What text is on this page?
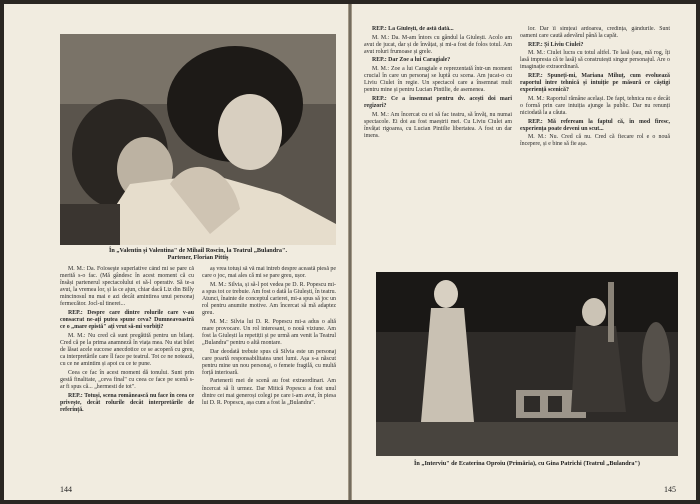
În „Valentin și Valentina" de Mihail Roscin, la Teatrul „Bulandra".
Partener, Florian Pittiș

M. M.: Da. Foloseşte superlative când mi se pare că merită s-o fac. (Mă gândesc în acest moment că cu însăși partenerul spectacolului ei să-l operativ. Să te-a avut, la vremea lor, și la ce ajun, chiar dacă Liz din Billy mincinosul nu mai e azi decât amintirea unui personaj fermecător. Jocl-ul tinerei...

REP.: Despre care dintre rolurile care v-au consacrat ne-ați putea spune ceva? Dumneavoastră ce o „mare epistă" ați vrut să-mi vorbiți?

M. M.: Nu cred că sunt pregătită pentru un bilanț. Cred că pe la prima anamneză în viața mea. Nu stat bilet de lăsat acele succese anecdotice ce se acoperă cu greu, ca interpretările care îl face pe teatrul. Tot ce ne notează, cu ce ne amintim și apoi cu ce te pune.

Ceea ce fac în acest moment dă tonului. Sunt prin gestă finalitate, „ceva final" cu ceea ce face pe scenă s-ar fi spus că... „hermesti de tot".

REP.: Totuși, scena românească nu face în ceea ce priveşte, decât rolurile decât interpretările de referință.

aș vrea totuși să vă mai întreb despre această piesă pe care o joc, mai ales că mi se pare greu, ușor.

M. M.: Silvia, și să-l pot vedea pe D. R. Popescu mi-a spus tot ce trebuie. Am fost o dată la Giulești, în teatru. Atunci, înainte de conceptul carierei, mi-a spus să joc un rol pentru anumite motive. Am încercat să mă adaptez greu.

M. M.: Silvia lui D. R. Popescu mi-a adus o altă mare provocare. Un rol interesant, o nouă viziune. Am fost la Giulești la repetiții și pe urmă am venit la Teatrul „Bulandra" pentru o altă montare.

Dar deodată trebuie spus că Silvia este un personaj care poartă responsabilitatea unei lumi. Așa s-a născut pentru mine un nou personaj, o femeie fragilă, cu multă forță interioară.

Partenerii mei de scenă au fost extraordinari. Am încercat să îi urmez. Dar Mitică Popescu a fost unul dintre cei mai generoși colegi pe care i-am avut, în piesa lui D. R. Popescu, așa cum a fost la „Bulandra".

144

REP.: La Giulești, de astă dată...

M. M.: Da. M-am întors cu gândul la Giulești. Acolo am avut de jucat, dar și de învățat, și mi-a fost de folos totul. Am avut roluri frumoase și grele.

REP.: Dar Zoe a lui Caragiale?

M. M.: Zoe a lui Caragiale e reprezentată într-un moment crucial în care un personaj se luptă cu scena. Am jucat-o cu Liviu Ciulei în regie. Un spectacol care a însemnat mult pentru mine și pentru Lucian Pintilie, de asemenea.

REP.: Ce a însemnat pentru dv. acești doi mari regizori?

M. M.: Am încercat cu ei să fac teatru, să învăț, nu numai spectacole. Ei doi au fost maeștrii mei. Cu Liviu Ciulei am învățat rigoarea, cu Lucian Pintilie libertatea. A fost un dar imens.

lor. Dar îi simțeai ardoarea, credința, gândurile. Sunt oameni care caută adevărul până la capăt.

REP.: Și Liviu Ciulei?

M. M.: Ciulei lucra cu totul altfel. Te lasă (sau, mă rog, îți lasă impresia că te lasă) să construiești singur personajul. Are o imaginație extraordinară.

REP.: Spuneți-mi, Mariana Mihuț, cum evoluează raportul între tehnică și intuiție pe măsură ce câștigi experiență scenică?

M. M.: Raportul rămâne același. De fapt, tehnica nu e decât o formă prin care intuiția ajunge la public. Dar nu renunți niciodată la a căuta.

REP.: Mă refeream la faptul că, în mod firesc, experiența poate deveni un scut...

M. M.: Nu. Cred că nu. Cred că fiecare rol e o nouă începere, și e bine să fie așa.

În „Interviu" de Ecaterina Oproiu (Primăria), cu Gina Patrichi (Teatrul „Bulandra")
145
